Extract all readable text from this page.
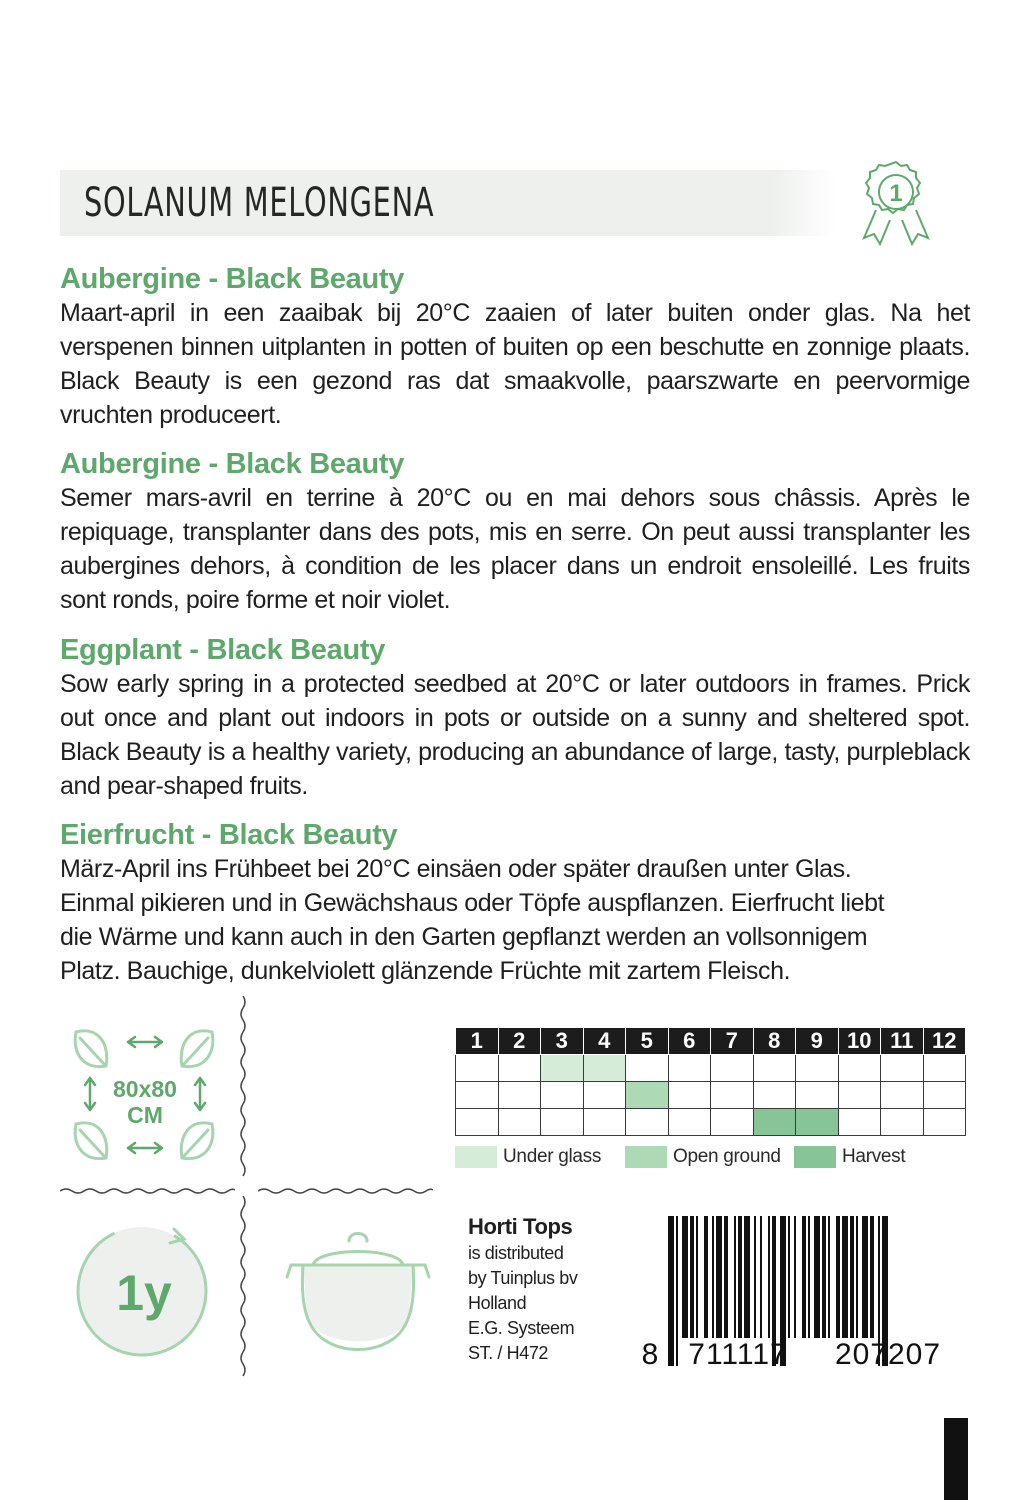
SOLANUM MELONGENA	1
Aubergine - Black Beauty

Maart-april in een zaaibak bij 20°C zaaien of later buiten onder glas. Na het verspenen binnen uitplanten in potten of buiten op een beschutte en zonnige plaats. Black Beauty is een gezond ras dat smaakvolle, paarszwarte en peervormige vruchten produceert.

Aubergine - Black Beauty

Semer mars-avril en terrine à 20°C ou en mai dehors sous châssis. Après le repiquage, transplanter dans des pots, mis en serre. On peut aussi transplanter les aubergines dehors, à condition de les placer dans un endroit ensoleillé. Les fruits sont ronds, poire forme et noir violet.

Eggplant - Black Beauty

Sow early spring in a protected seedbed at 20°C or later outdoors in frames. Prick out once and plant out indoors in pots or outside on a sunny and sheltered spot. Black Beauty is a healthy variety, producing an abundance of large, tasty, purpleblack and pear-shaped fruits.

Eierfrucht - Black Beauty

März-April ins Frühbeet bei 20°C einsäen oder später draußen unter Glas. Einmal pikieren und in Gewächshaus oder Töpfe auspflanzen. Eierfrucht liebt die Wärme und kann auch in den Garten gepflanzt werden an vollsonnigem Platz. Bauchige, dunkelviolett glänzende Früchte mit zartem Fleisch.

80x80
CM
1	2	3	4	5	6	7	8	9	10	11	12

Under glass	Open ground	Harvest
1y
Horti Tops
is distributed
by Tuinplus bv
Holland
E.G. Systeem
ST. / H472	8 711117 207207
